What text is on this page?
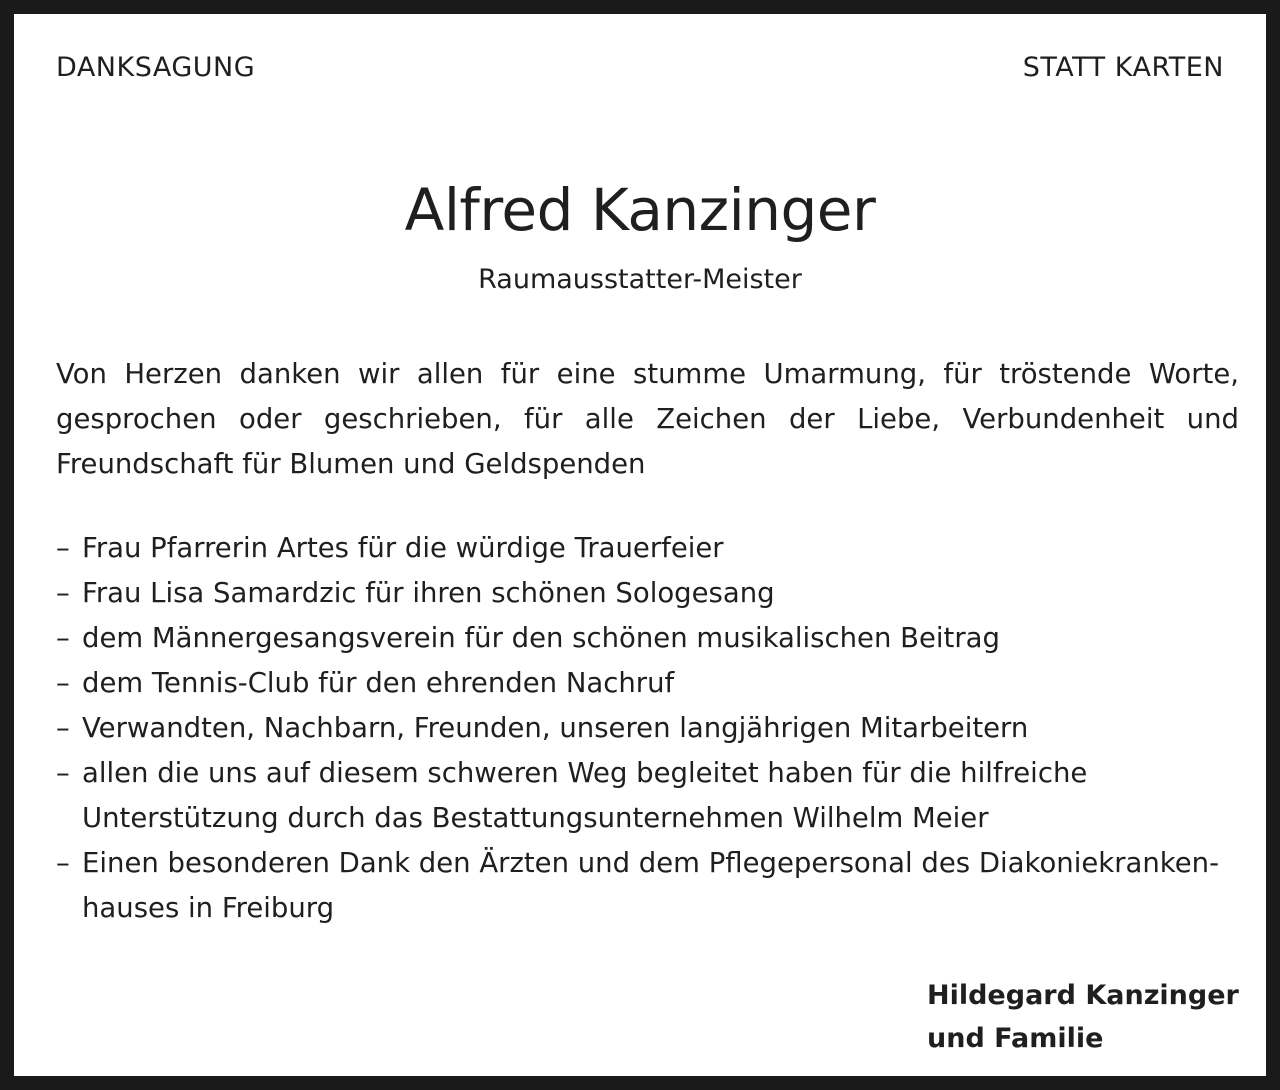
DANKSAGUNG	STATT KARTEN
Alfred Kanzinger
Raumausstatter-Meister

Von Herzen danken wir allen für eine stumme Umarmung, für tröstende Worte, gesprochen oder geschrieben, für alle Zeichen der Liebe, Verbundenheit und Freundschaft für Blumen und Geldspenden

– Frau Pfarrerin Artes für die würdige Trauerfeier
– Frau Lisa Samardzic für ihren schönen Sologesang
– dem Männergesangsverein für den schönen musikalischen Beitrag
– dem Tennis-Club für den ehrenden Nachruf
– Verwandten, Nachbarn, Freunden, unseren langjährigen Mitarbeitern
– allen die uns auf diesem schweren Weg begleitet haben für die hilfreiche Unterstützung durch das Bestattungsunternehmen Wilhelm Meier
– Einen besonderen Dank den Ärzten und dem Pflegepersonal des Diakoniekranken-hauses in Freiburg
Hildegard Kanzinger
und Familie
